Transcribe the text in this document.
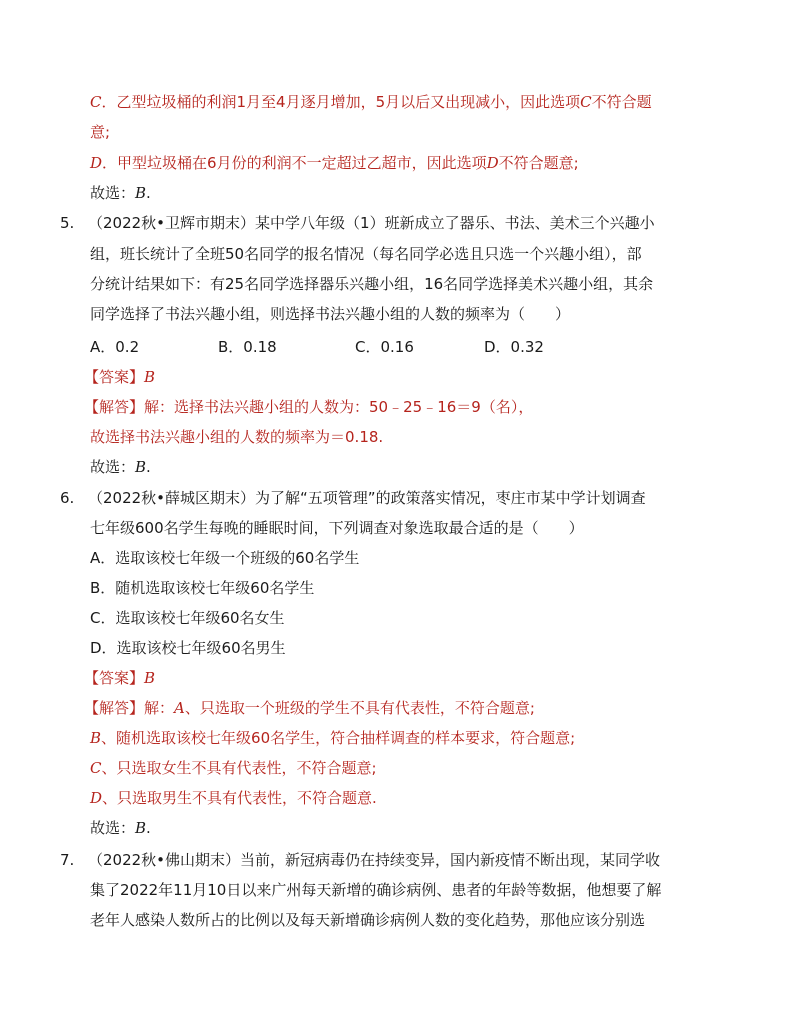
C．乙型垃圾桶的利润1月至4月逐月增加，5月以后又出现减小，因此选项C不符合题
意;
D．甲型垃圾桶在6月份的利润不一定超过乙超市，因此选项D不符合题意;
故选：B.
5. （2022秋•卫辉市期末）某中学八年级（1）班新成立了器乐、书法、美术三个兴趣小
组，班长统计了全班50名同学的报名情况（每名同学必选且只选一个兴趣小组），部
分统计结果如下：有25名同学选择器乐兴趣小组，16名同学选择美术兴趣小组，其余
同学选择了书法兴趣小组，则选择书法兴趣小组的人数的频率为（　　）
A．0.2	B．0.18	C．0.16	D．0.32
【答案】B
【解答】解：选择书法兴趣小组的人数为：50﹣25﹣16＝9（名），
故选择书法兴趣小组的人数的频率为＝0.18.
故选：B.
6. （2022秋•薛城区期末）为了解“五项管理”的政策落实情况，枣庄市某中学计划调查
七年级600名学生每晚的睡眠时间，下列调查对象选取最合适的是（　　）
A．选取该校七年级一个班级的60名学生
B．随机选取该校七年级60名学生
C．选取该校七年级60名女生
D．选取该校七年级60名男生
【答案】B
【解答】解：A、只选取一个班级的学生不具有代表性，不符合题意;
B、随机选取该校七年级60名学生，符合抽样调查的样本要求，符合题意;
C、只选取女生不具有代表性，不符合题意;
D、只选取男生不具有代表性，不符合题意.
故选：B.
7. （2022秋•佛山期末）当前，新冠病毒仍在持续变异，国内新疫情不断出现，某同学收
集了2022年11月10日以来广州每天新增的确诊病例、患者的年龄等数据，他想要了解
老年人感染人数所占的比例以及每天新增确诊病例人数的变化趋势，那他应该分别选
